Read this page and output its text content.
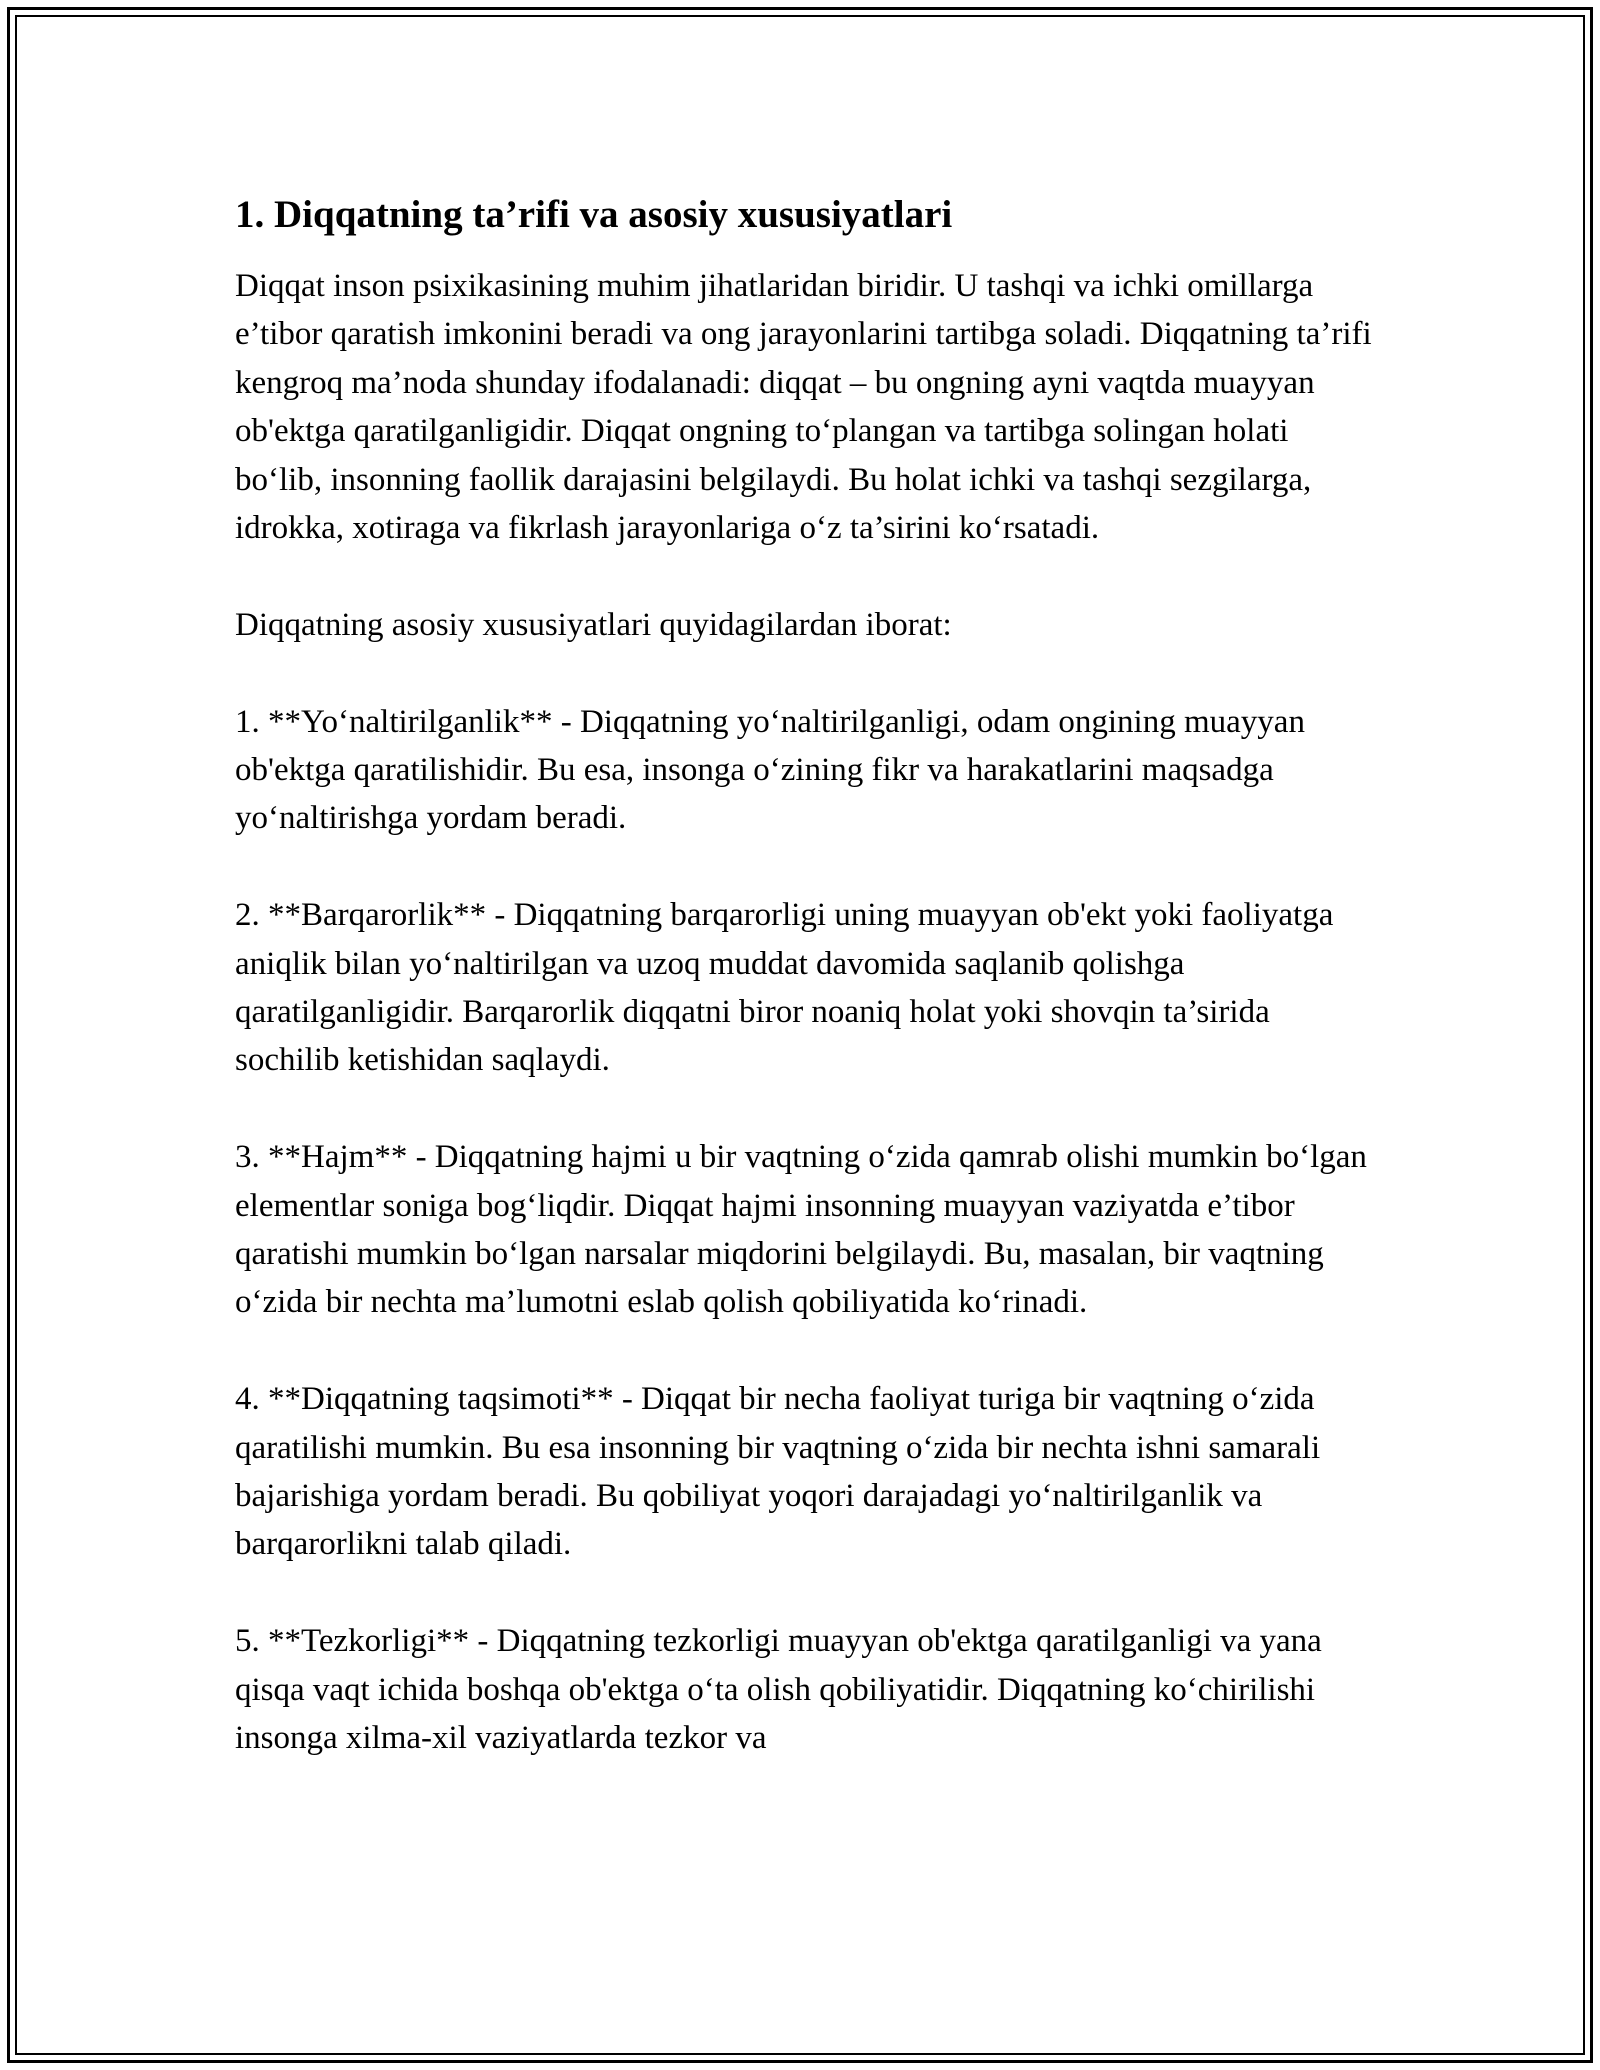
1. Diqqatning ta’rifi va asosiy xususiyatlari

Diqqat inson psixikasining muhim jihatlaridan biridir. U tashqi va ichki omillarga e’tibor qaratish imkonini beradi va ong jarayonlarini tartibga soladi. Diqqatning ta’rifi kengroq ma’noda shunday ifodalanadi: diqqat – bu ongning ayni vaqtda muayyan ob'ektga qaratilganligidir. Diqqat ongning to‘plangan va tartibga solingan holati bo‘lib, insonning faollik darajasini belgilaydi. Bu holat ichki va tashqi sezgilarga, idrokka, xotiraga va fikrlash jarayonlariga o‘z ta’sirini ko‘rsatadi.

Diqqatning asosiy xususiyatlari quyidagilardan iborat:

1. **Yo‘naltirilganlik** - Diqqatning yo‘naltirilganligi, odam ongining muayyan ob'ektga qaratilishidir. Bu esa, insonga o‘zining fikr va harakatlarini maqsadga yo‘naltirishga yordam beradi.

2. **Barqarorlik** - Diqqatning barqarorligi uning muayyan ob'ekt yoki faoliyatga aniqlik bilan yo‘naltirilgan va uzoq muddat davomida saqlanib qolishga qaratilganligidir. Barqarorlik diqqatni biror noaniq holat yoki shovqin ta’sirida sochilib ketishidan saqlaydi.

3. **Hajm** - Diqqatning hajmi u bir vaqtning o‘zida qamrab olishi mumkin bo‘lgan elementlar soniga bog‘liqdir. Diqqat hajmi insonning muayyan vaziyatda e’tibor qaratishi mumkin bo‘lgan narsalar miqdorini belgilaydi. Bu, masalan, bir vaqtning o‘zida bir nechta ma’lumotni eslab qolish qobiliyatida ko‘rinadi.

4. **Diqqatning taqsimoti** - Diqqat bir necha faoliyat turiga bir vaqtning o‘zida qaratilishi mumkin. Bu esa insonning bir vaqtning o‘zida bir nechta ishni samarali bajarishiga yordam beradi. Bu qobiliyat yoqori darajadagi yo‘naltirilganlik va barqarorlikni talab qiladi.

5. **Tezkorligi** - Diqqatning tezkorligi muayyan ob'ektga qaratilganligi va yana qisqa vaqt ichida boshqa ob'ektga o‘ta olish qobiliyatidir. Diqqatning ko‘chirilishi insonga xilma-xil vaziyatlarda tezkor va
